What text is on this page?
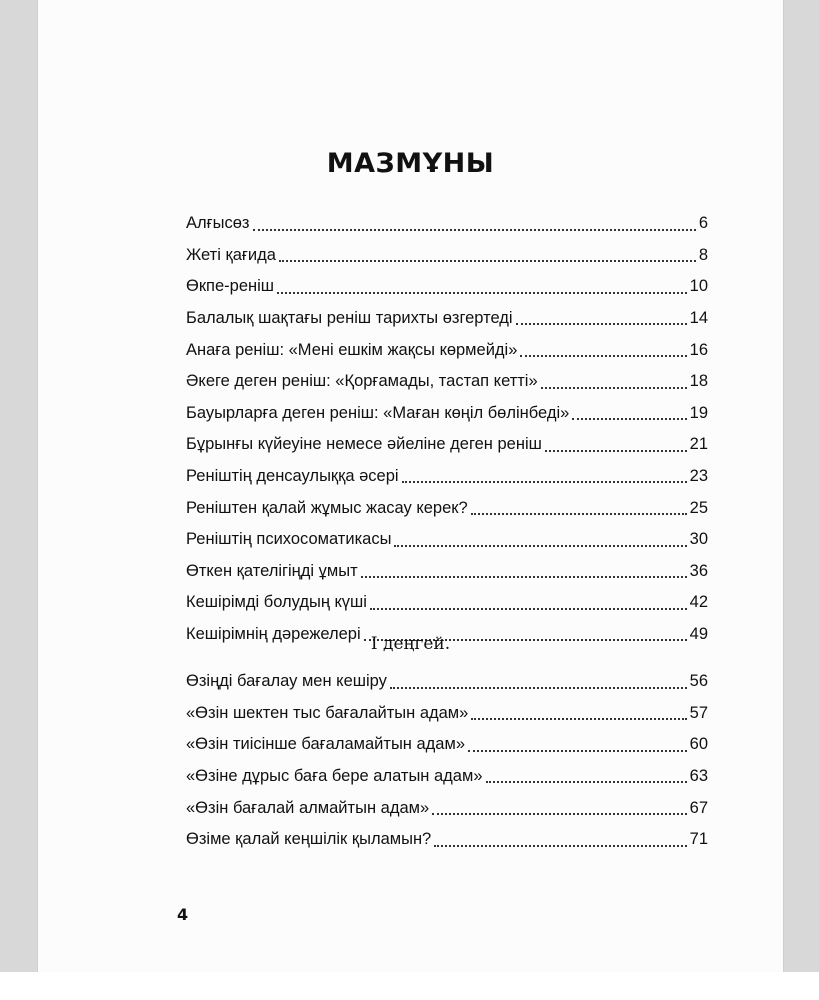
МАЗМҰНЫ
Алғысөз	6
Жеті қағида	8
Өкпе-реніш	10
Балалық шақтағы реніш тарихты өзгертеді	14
Анаға реніш: «Мені ешкім жақсы көрмейді»	16
Әкеге деген реніш: «Қорғамады, тастап кетті»	18
Бауырларға деген реніш: «Маған көңіл бөлінбеді»	19
Бұрынғы күйеуіне немесе әйеліне деген реніш	21
Реніштің денсаулыққа әсері	23
Реніштен қалай жұмыс жасау керек?	25
Реніштің психосоматикасы	30
Өткен қателігіңді ұмыт	36
Кешірімді болудың күші	42
Кешірімнің дәрежелері	49
І деңгей.
Өзіңді бағалау мен кешіру	56
«Өзін шектен тыс бағалайтын адам»	57
«Өзін тиісінше бағаламайтын адам»	60
«Өзіне дұрыс баға бере алатын адам»	63
«Өзін бағалай алмайтын адам»	67
Өзіме қалай кеңшілік қыламын?	71
4
